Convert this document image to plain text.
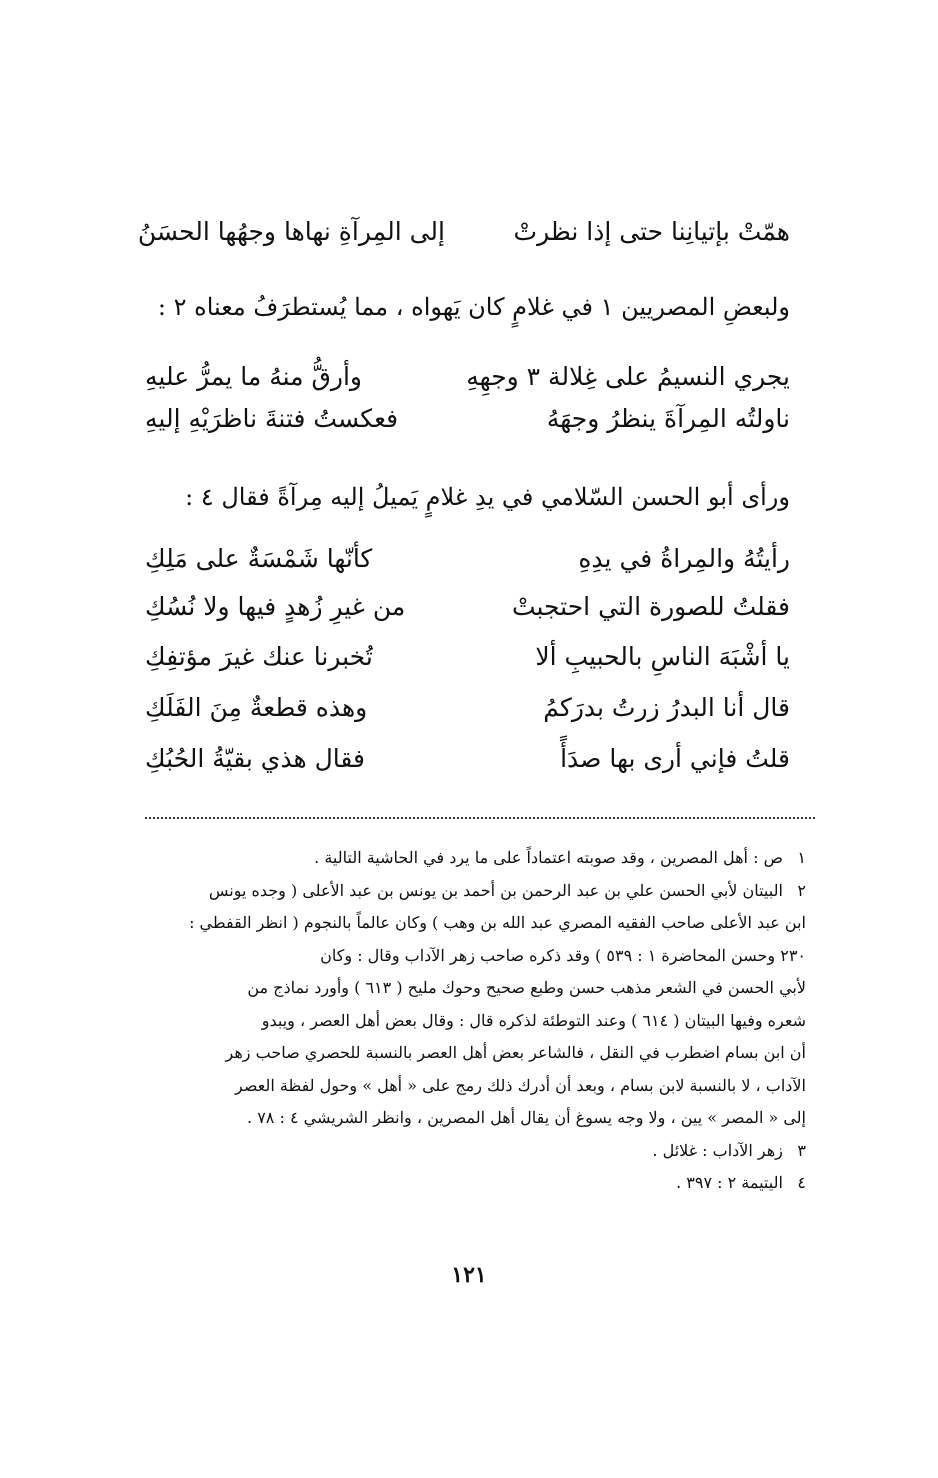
همّتْ بإتيانِنا حتى إذا نظرتْ
إلى المِرآةِ نهاها وجهُها الحسَنُ
ولبعضِ المصريين ١ في غلامٍ كان يَهواه ، مما يُستطرَفُ معناه ٢ :
يجري النسيمُ على غِلالة ٣ وجهِهِ
وأرقُّ منهُ ما يمرُّ عليهِ
ناولتُه المِرآةَ ينظرُ وجهَهُ
فعكستُ فتنةَ ناظرَيْهِ إليهِ
ورأى أبو الحسن السّلامي في يدِ غلامٍ يَميلُ إليه مِرآةً فقال ٤ :
رأيتُهُ والمِراةُ في يدِهِ
كأنّها شَمْسَةٌ على مَلِكِ
فقلتُ للصورة التي احتجبتْ
من غيرِ زُهدٍ فيها ولا نُسُكِ
يا أشْبَهَ الناسِ بالحبيبِ ألا
تُخبرنا عنك غيرَ مؤتفِكِ
قال أنا البدرُ زرتُ بدرَكمُ
وهذه قطعةٌ مِنَ الفَلَكِ
قلتُ فإني أرى بها صدَأً
فقال هذي بقيّةُ الحُبُكِ

١ ص : أهل المصرين ، وقد صوبته اعتماداً على ما يرد في الحاشية التالية .

٢ البيتان لأبي الحسن علي بن عبد الرحمن بن أحمد بن يونس بن عبد الأعلى ( وجده يونس

ابن عبد الأعلى صاحب الفقيه المصري عبد الله بن وهب ) وكان عالماً بالنجوم ( انظر القفطي :

٢٣٠ وحسن المحاضرة ١ : ٥٣٩ ) وقد ذكره صاحب زهر الآداب وقال : وكان

لأبي الحسن في الشعر مذهب حسن وطبع صحيح وحوك مليح ( ٦١٣ ) وأورد نماذج من

شعره وفيها البيتان ( ٦١٤ ) وعند التوطئة لذكره قال : وقال بعض أهل العصر ، ويبدو

أن ابن بسام اضطرب في النقل ، فالشاعر بعض أهل العصر بالنسبة للحصري صاحب زهر

الآداب ، لا بالنسبة لابن بسام ، وبعد أن أدرك ذلك رمج على « أهل » وحول لفظة العصر

إلى « المصر » يين ، ولا وجه يسوغ أن يقال أهل المصرين ، وانظر الشريشي ٤ : ٧٨ .

٣ زهر الآداب : غلائل .

٤ اليتيمة ٢ : ٣٩٧ .

١٢١
